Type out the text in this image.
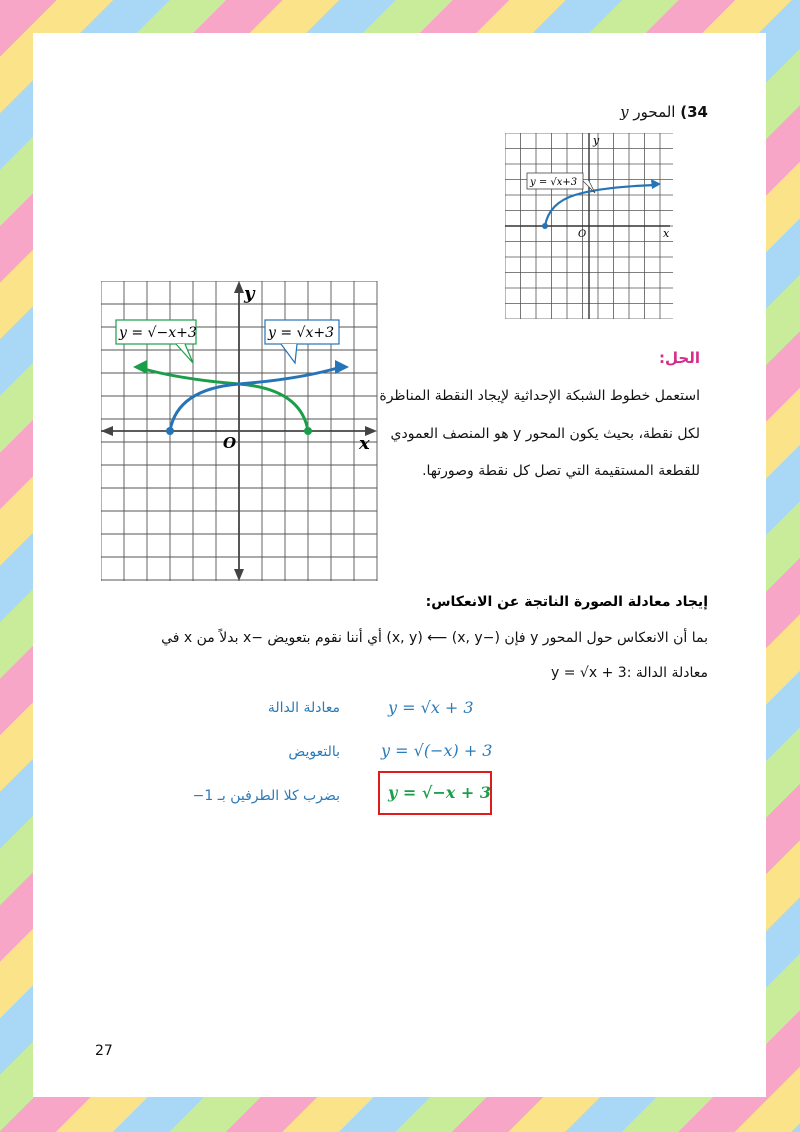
34) المحور y
x
y
O
y = √x+3
x
y
O
y = √−x+3	y = √x+3
الحل:
استعمل خطوط الشبكة الإحداثية لإيجاد النقطة المناظرة
لكل نقطة، بحيث يكون المحور y هو المنصف العمودي
للقطعة المستقيمة التي تصل كل نقطة وصورتها.
إيجاد معادلة الصورة الناتجة عن الانعكاس:
بما أن الانعكاس حول المحور y فإن (−x, y) ⟵ (x, y) أي أننا نقوم بتعويض −x بدلاً من x في
معادلة الدالة :y = √x + 3
y = √x + 3
معادلة الدالة
y = √(−x) + 3
بالتعويض
y = √−x + 3
بضرب كلا الطرفين بـ 1−
27
